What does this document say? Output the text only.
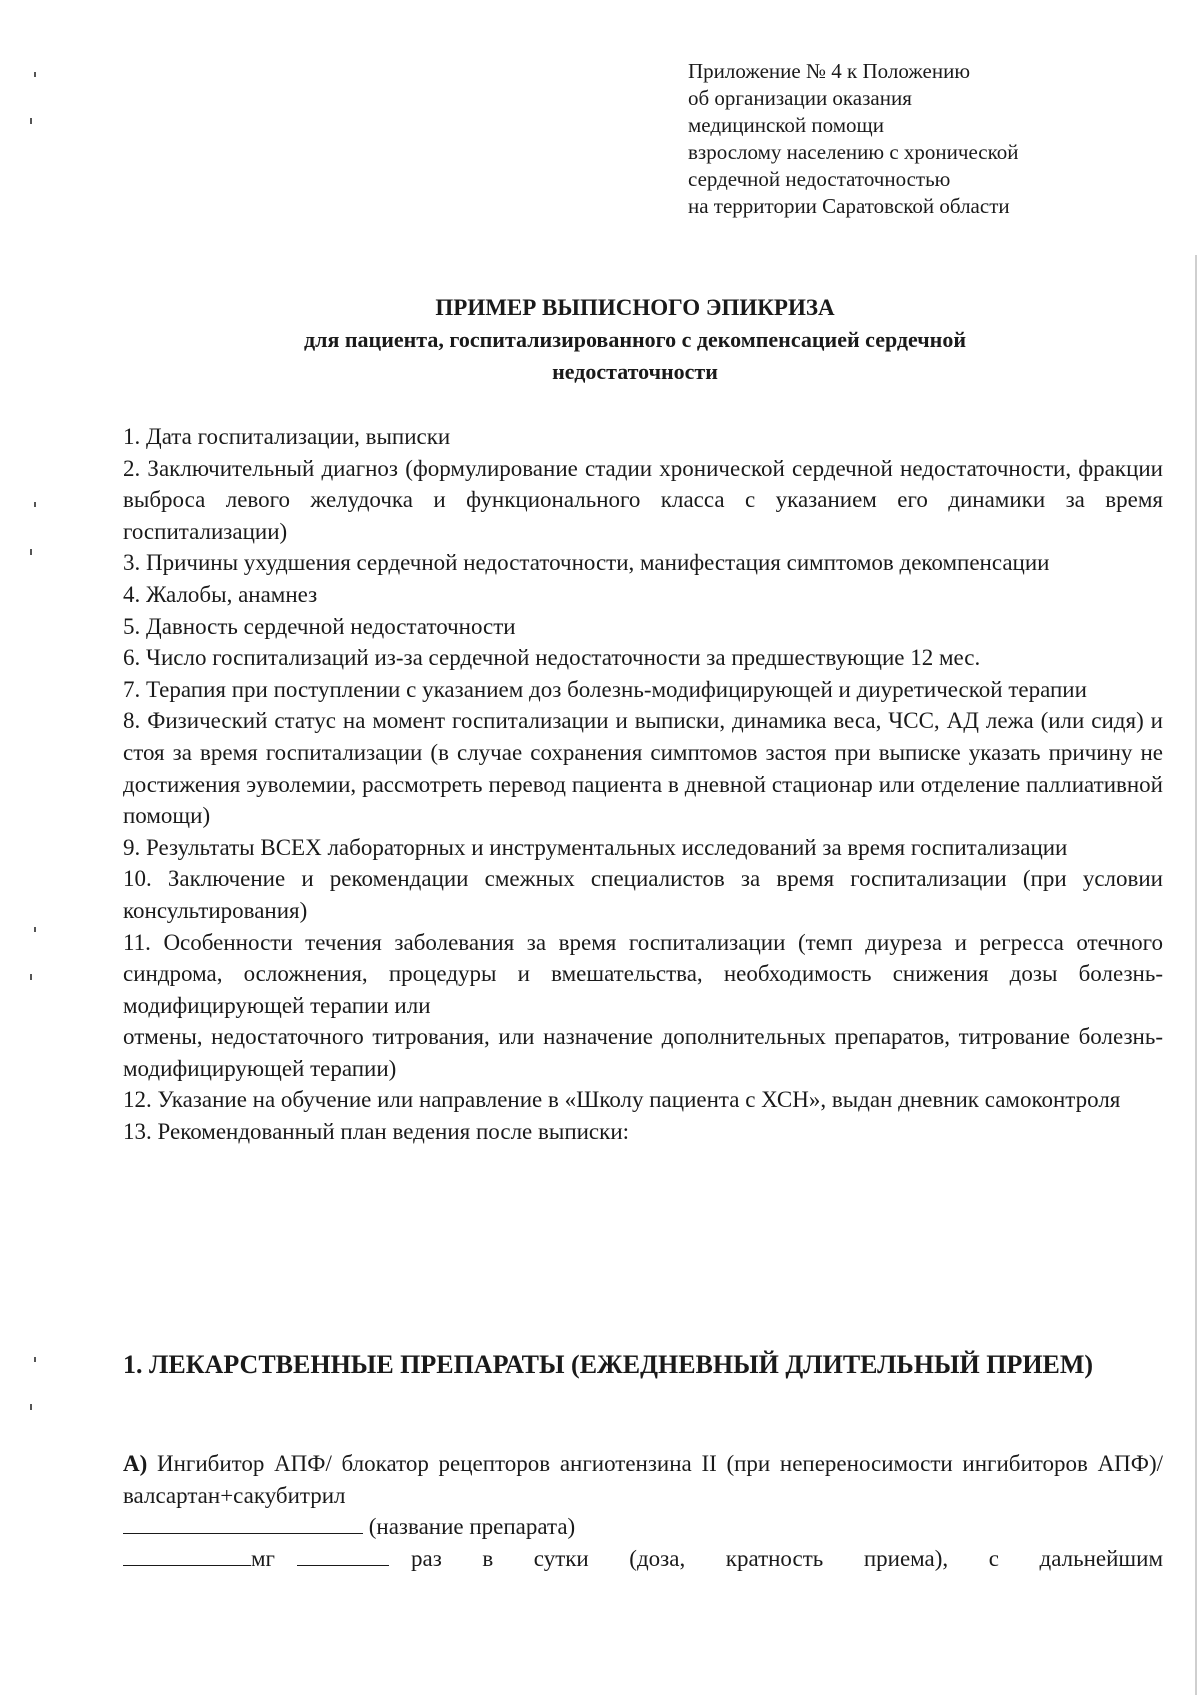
Приложение № 4 к Положению
об организации оказания
медицинской помощи
взрослому населению с хронической
сердечной недостаточностью
на территории Саратовской области
ПРИМЕР ВЫПИСНОГО ЭПИКРИЗА
для пациента, госпитализированного с декомпенсацией сердечной
недостаточности

1. Дата госпитализации, выписки

2. Заключительный диагноз (формулирование стадии хронической сердечной недостаточности, фракции выброса левого желудочка и функционального класса с указанием его динамики за время госпитализации)

3. Причины ухудшения сердечной недостаточности, манифестация симптомов декомпенсации

4. Жалобы, анамнез

5. Давность сердечной недостаточности

6. Число госпитализаций из-за сердечной недостаточности за предшествующие 12 мес.

7. Терапия при поступлении с указанием доз болезнь-модифицирующей и диуретической терапии

8. Физический статус на момент госпитализации и выписки, динамика веса, ЧСС, АД лежа (или сидя) и стоя за время госпитализации (в случае сохранения симптомов застоя при выписке указать причину не достижения эуволемии, рассмотреть перевод пациента в дневной стационар или отделение паллиативной помощи)

9. Результаты ВСЕХ лабораторных и инструментальных исследований за время госпитализации

10. Заключение и рекомендации смежных специалистов за время госпитализации (при условии консультирования)

11. Особенности течения заболевания за время госпитализации (темп диуреза и регресса отечного синдрома, осложнения, процедуры и вмешательства, необходимость снижения дозы болезнь-модифицирующей терапии или

отмены, недостаточного титрования, или назначение дополнительных препаратов, титрование болезнь- модифицирующей терапии)

12. Указание на обучение или направление в «Школу пациента с ХСН», выдан дневник самоконтроля

13. Рекомендованный план ведения после выписки:

1. ЛЕКАРСТВЕННЫЕ ПРЕПАРАТЫ (ЕЖЕДНЕВНЫЙ ДЛИТЕЛЬНЫЙ ПРИЕМ)
А) Ингибитор АПФ/ блокатор рецепторов ангиотензина II (при непереносимости ингибиторов АПФ)/ валсартан+сакубитрил
(название препарата)
мг	раз в сутки (доза, кратность приема), с дальнейшим
